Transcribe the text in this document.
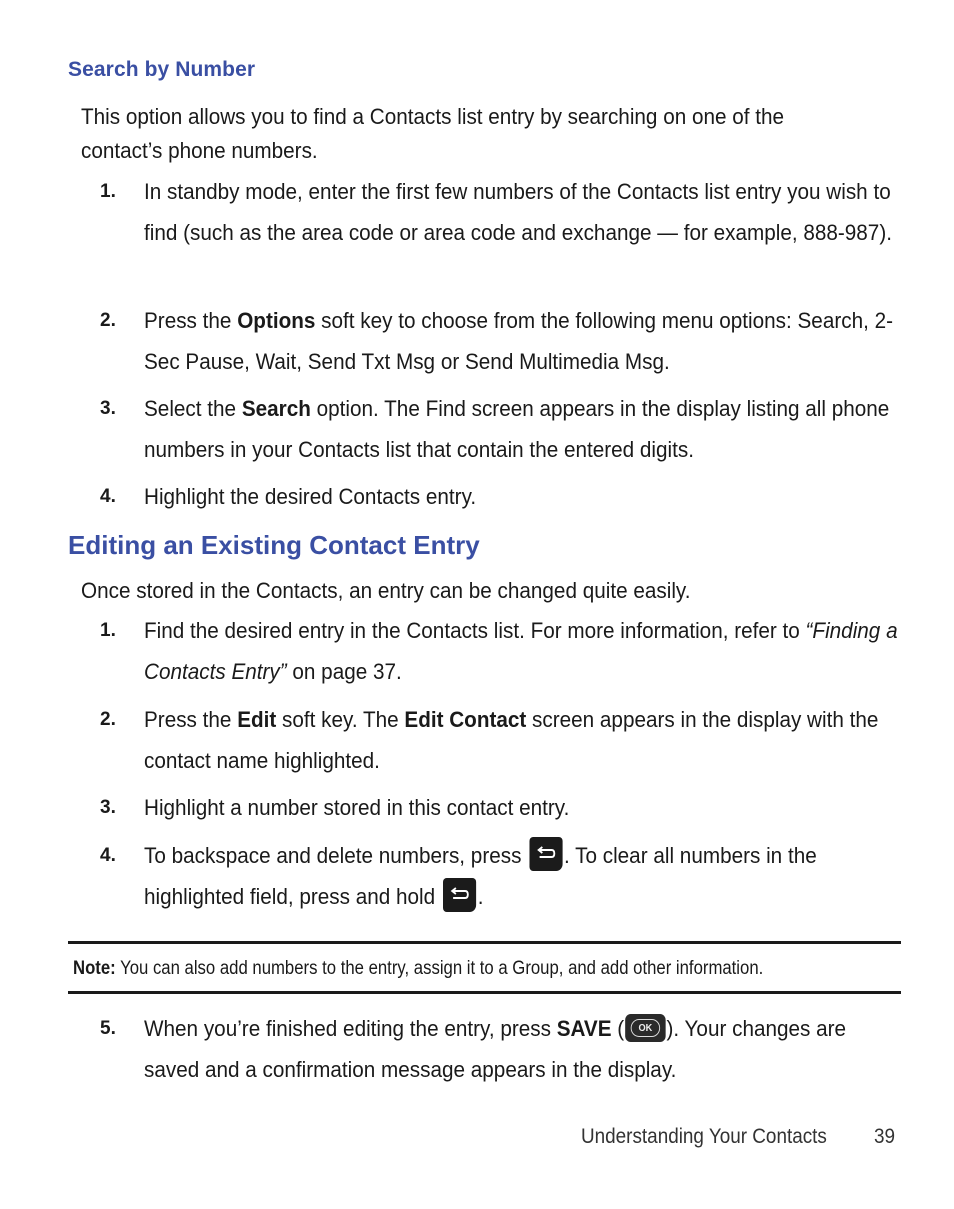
Search by Number

This option allows you to find a Contacts list entry by searching on one of the contact’s phone numbers.

1. In standby mode, enter the first few numbers of the Contacts list entry you wish to find (such as the area code or area code and exchange — for example, 888-987).
2. Press the Options soft key to choose from the following menu options: Search, 2-Sec Pause, Wait, Send Txt Msg or Send Multimedia Msg.
3. Select the Search option. The Find screen appears in the display listing all phone numbers in your Contacts list that contain the entered digits.
4. Highlight the desired Contacts entry.
Editing an Existing Contact Entry

Once stored in the Contacts, an entry can be changed quite easily.

1. Find the desired entry in the Contacts list. For more information, refer to “Finding a Contacts Entry” on page 37.
2. Press the Edit soft key. The Edit Contact screen appears in the display with the contact name highlighted.
3. Highlight a number stored in this contact entry.
4. To backspace and delete numbers, press
. To clear all numbers in the highlighted field, press and hold
.
Note: You can also add numbers to the entry, assign it to a Group, and add other information.
5. When you’re finished editing the entry, press SAVE (	OK ). Your changes are saved and a confirmation message appears in the display.
Understanding Your Contacts 39
